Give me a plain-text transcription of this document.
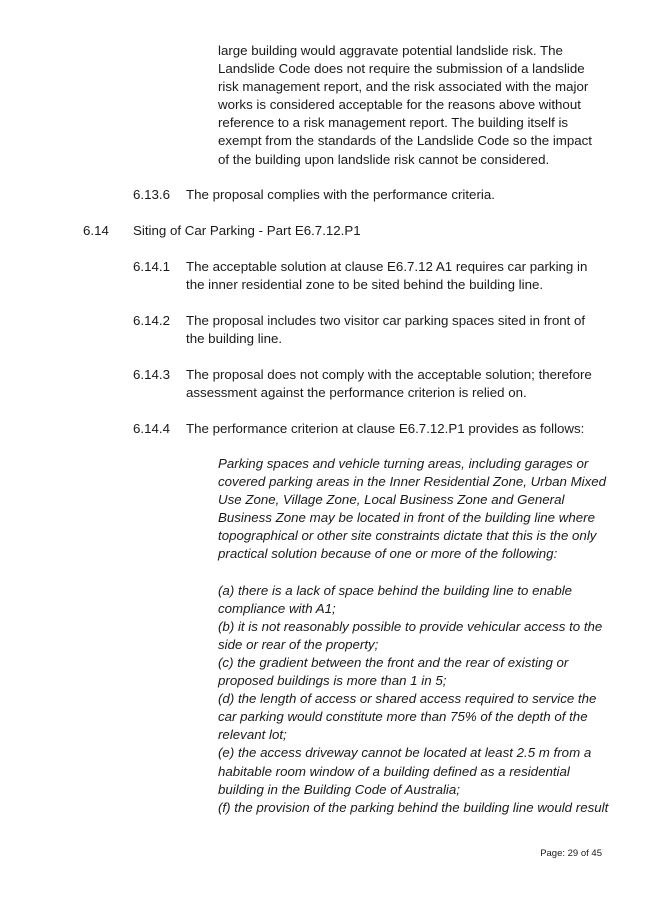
large building would aggravate potential landslide risk. The Landslide Code does not require the submission of a landslide risk management report, and the risk associated with the major works is considered acceptable for the reasons above without reference to a risk management report. The building itself is exempt from the standards of the Landslide Code so the impact of the building upon landslide risk cannot be considered.
6.13.6 The proposal complies with the performance criteria.
6.14 Siting of Car Parking - Part E6.7.12.P1
6.14.1 The acceptable solution at clause E6.7.12 A1 requires car parking in the inner residential zone to be sited behind the building line.
6.14.2 The proposal includes two visitor car parking spaces sited in front of the building line.
6.14.3 The proposal does not comply with the acceptable solution; therefore assessment against the performance criterion is relied on.
6.14.4 The performance criterion at clause E6.7.12.P1 provides as follows:

Parking spaces and vehicle turning areas, including garages or covered parking areas in the Inner Residential Zone, Urban Mixed Use Zone, Village Zone, Local Business Zone and General Business Zone may be located in front of the building line where topographical or other site constraints dictate that this is the only practical solution because of one or more of the following:

(a) there is a lack of space behind the building line to enable compliance with A1;

(b) it is not reasonably possible to provide vehicular access to the side or rear of the property;

(c) the gradient between the front and the rear of existing or proposed buildings is more than 1 in 5;

(d) the length of access or shared access required to service the car parking would constitute more than 75% of the depth of the relevant lot;

(e) the access driveway cannot be located at least 2.5 m from a habitable room window of a building defined as a residential building in the Building Code of Australia;

(f) the provision of the parking behind the building line would result

Page: 29 of 45
